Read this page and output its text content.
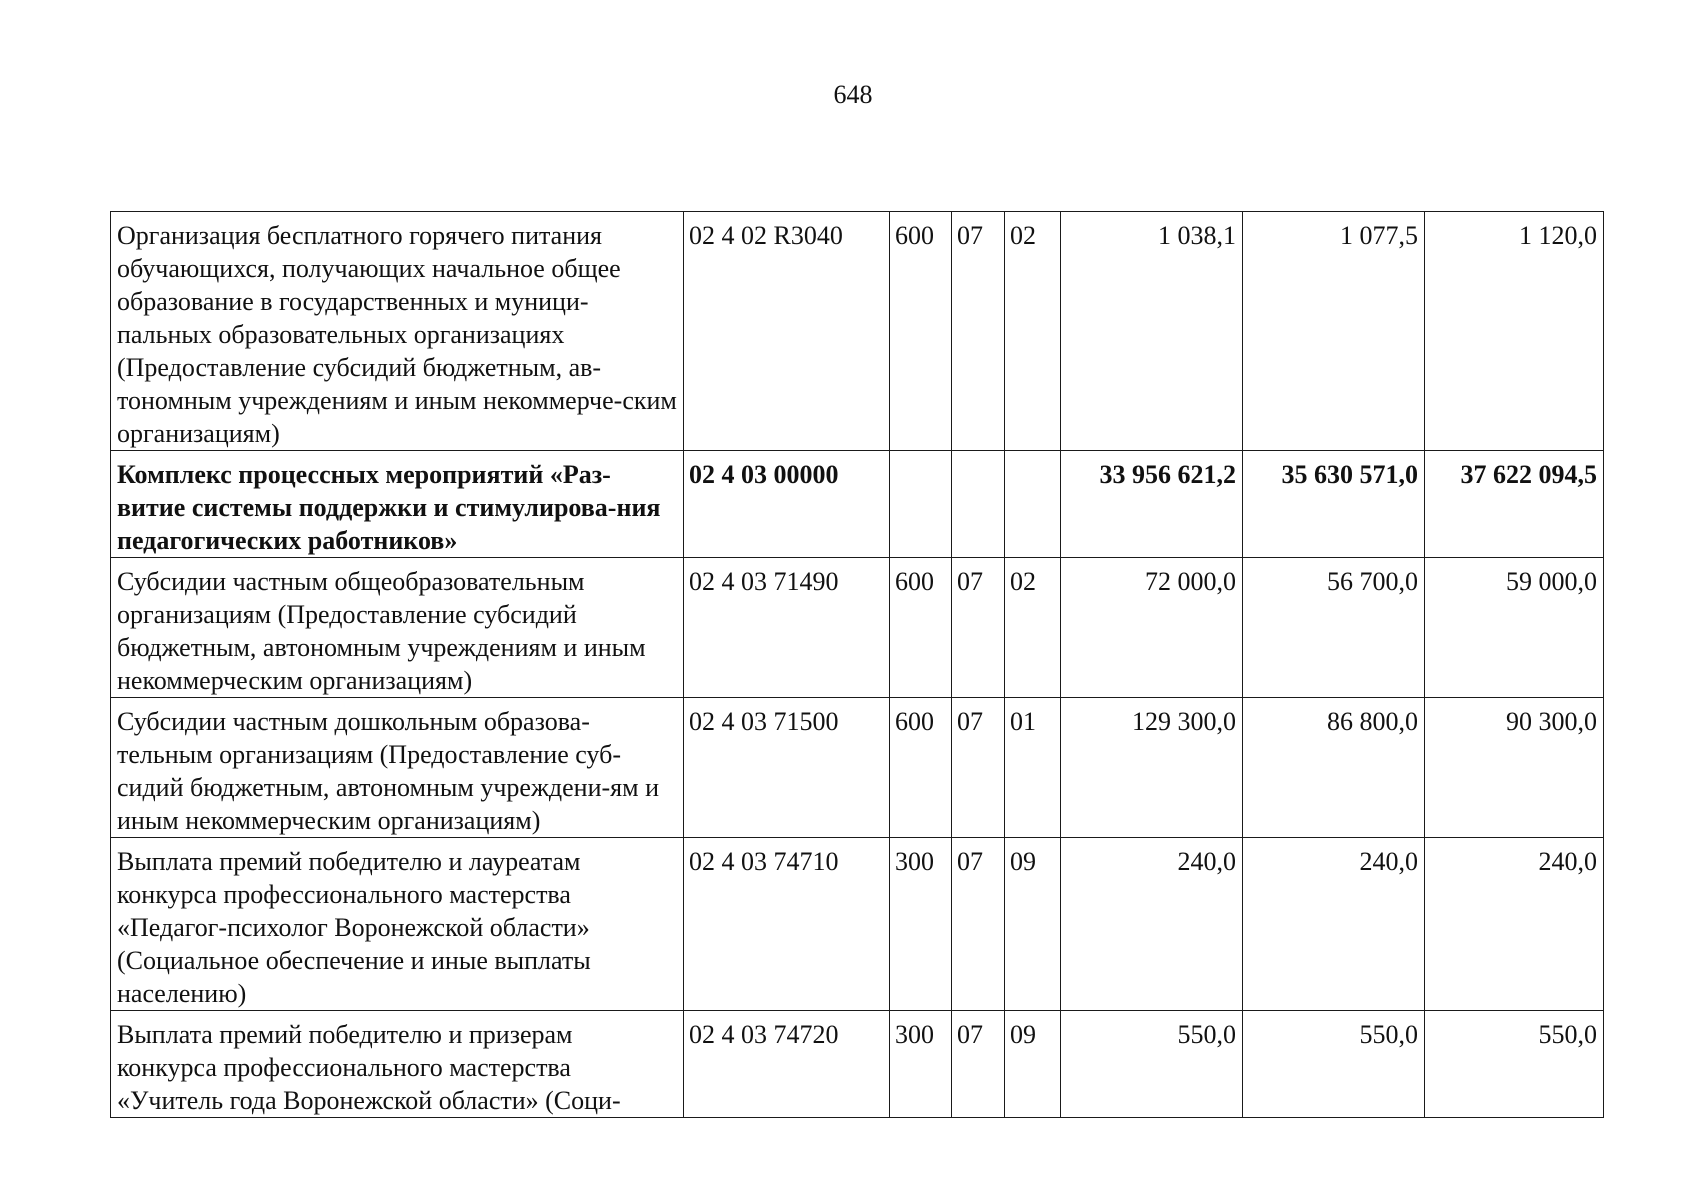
648
Организация бесплатного горячего питания обучающихся, получающих начальное общее образование в государственных и муници-пальных образовательных организациях (Предоставление субсидий бюджетным, ав-тономным учреждениям и иным некоммерче-ским организациям)	02 4 02 R3040	600	07	02	1 038,1	1 077,5	1 120,0
Комплекс процессных мероприятий «Раз-витие системы поддержки и стимулирова-ния педагогических работников»	02 4 03 00000				33 956 621,2	35 630 571,0	37 622 094,5
Субсидии частным общеобразовательным организациям (Предоставление субсидий бюджетным, автономным учреждениям и иным некоммерческим организациям)	02 4 03 71490	600	07	02	72 000,0	56 700,0	59 000,0
Субсидии частным дошкольным образова-тельным организациям (Предоставление суб-сидий бюджетным, автономным учреждени-ям и иным некоммерческим организациям)	02 4 03 71500	600	07	01	129 300,0	86 800,0	90 300,0
Выплата премий победителю и лауреатам конкурса профессионального мастерства «Педагог-психолог Воронежской области» (Социальное обеспечение и иные выплаты населению)	02 4 03 74710	300	07	09	240,0	240,0	240,0
Выплата премий победителю и призерам конкурса профессионального мастерства «Учитель года Воронежской области» (Соци-	02 4 03 74720	300	07	09	550,0	550,0	550,0
